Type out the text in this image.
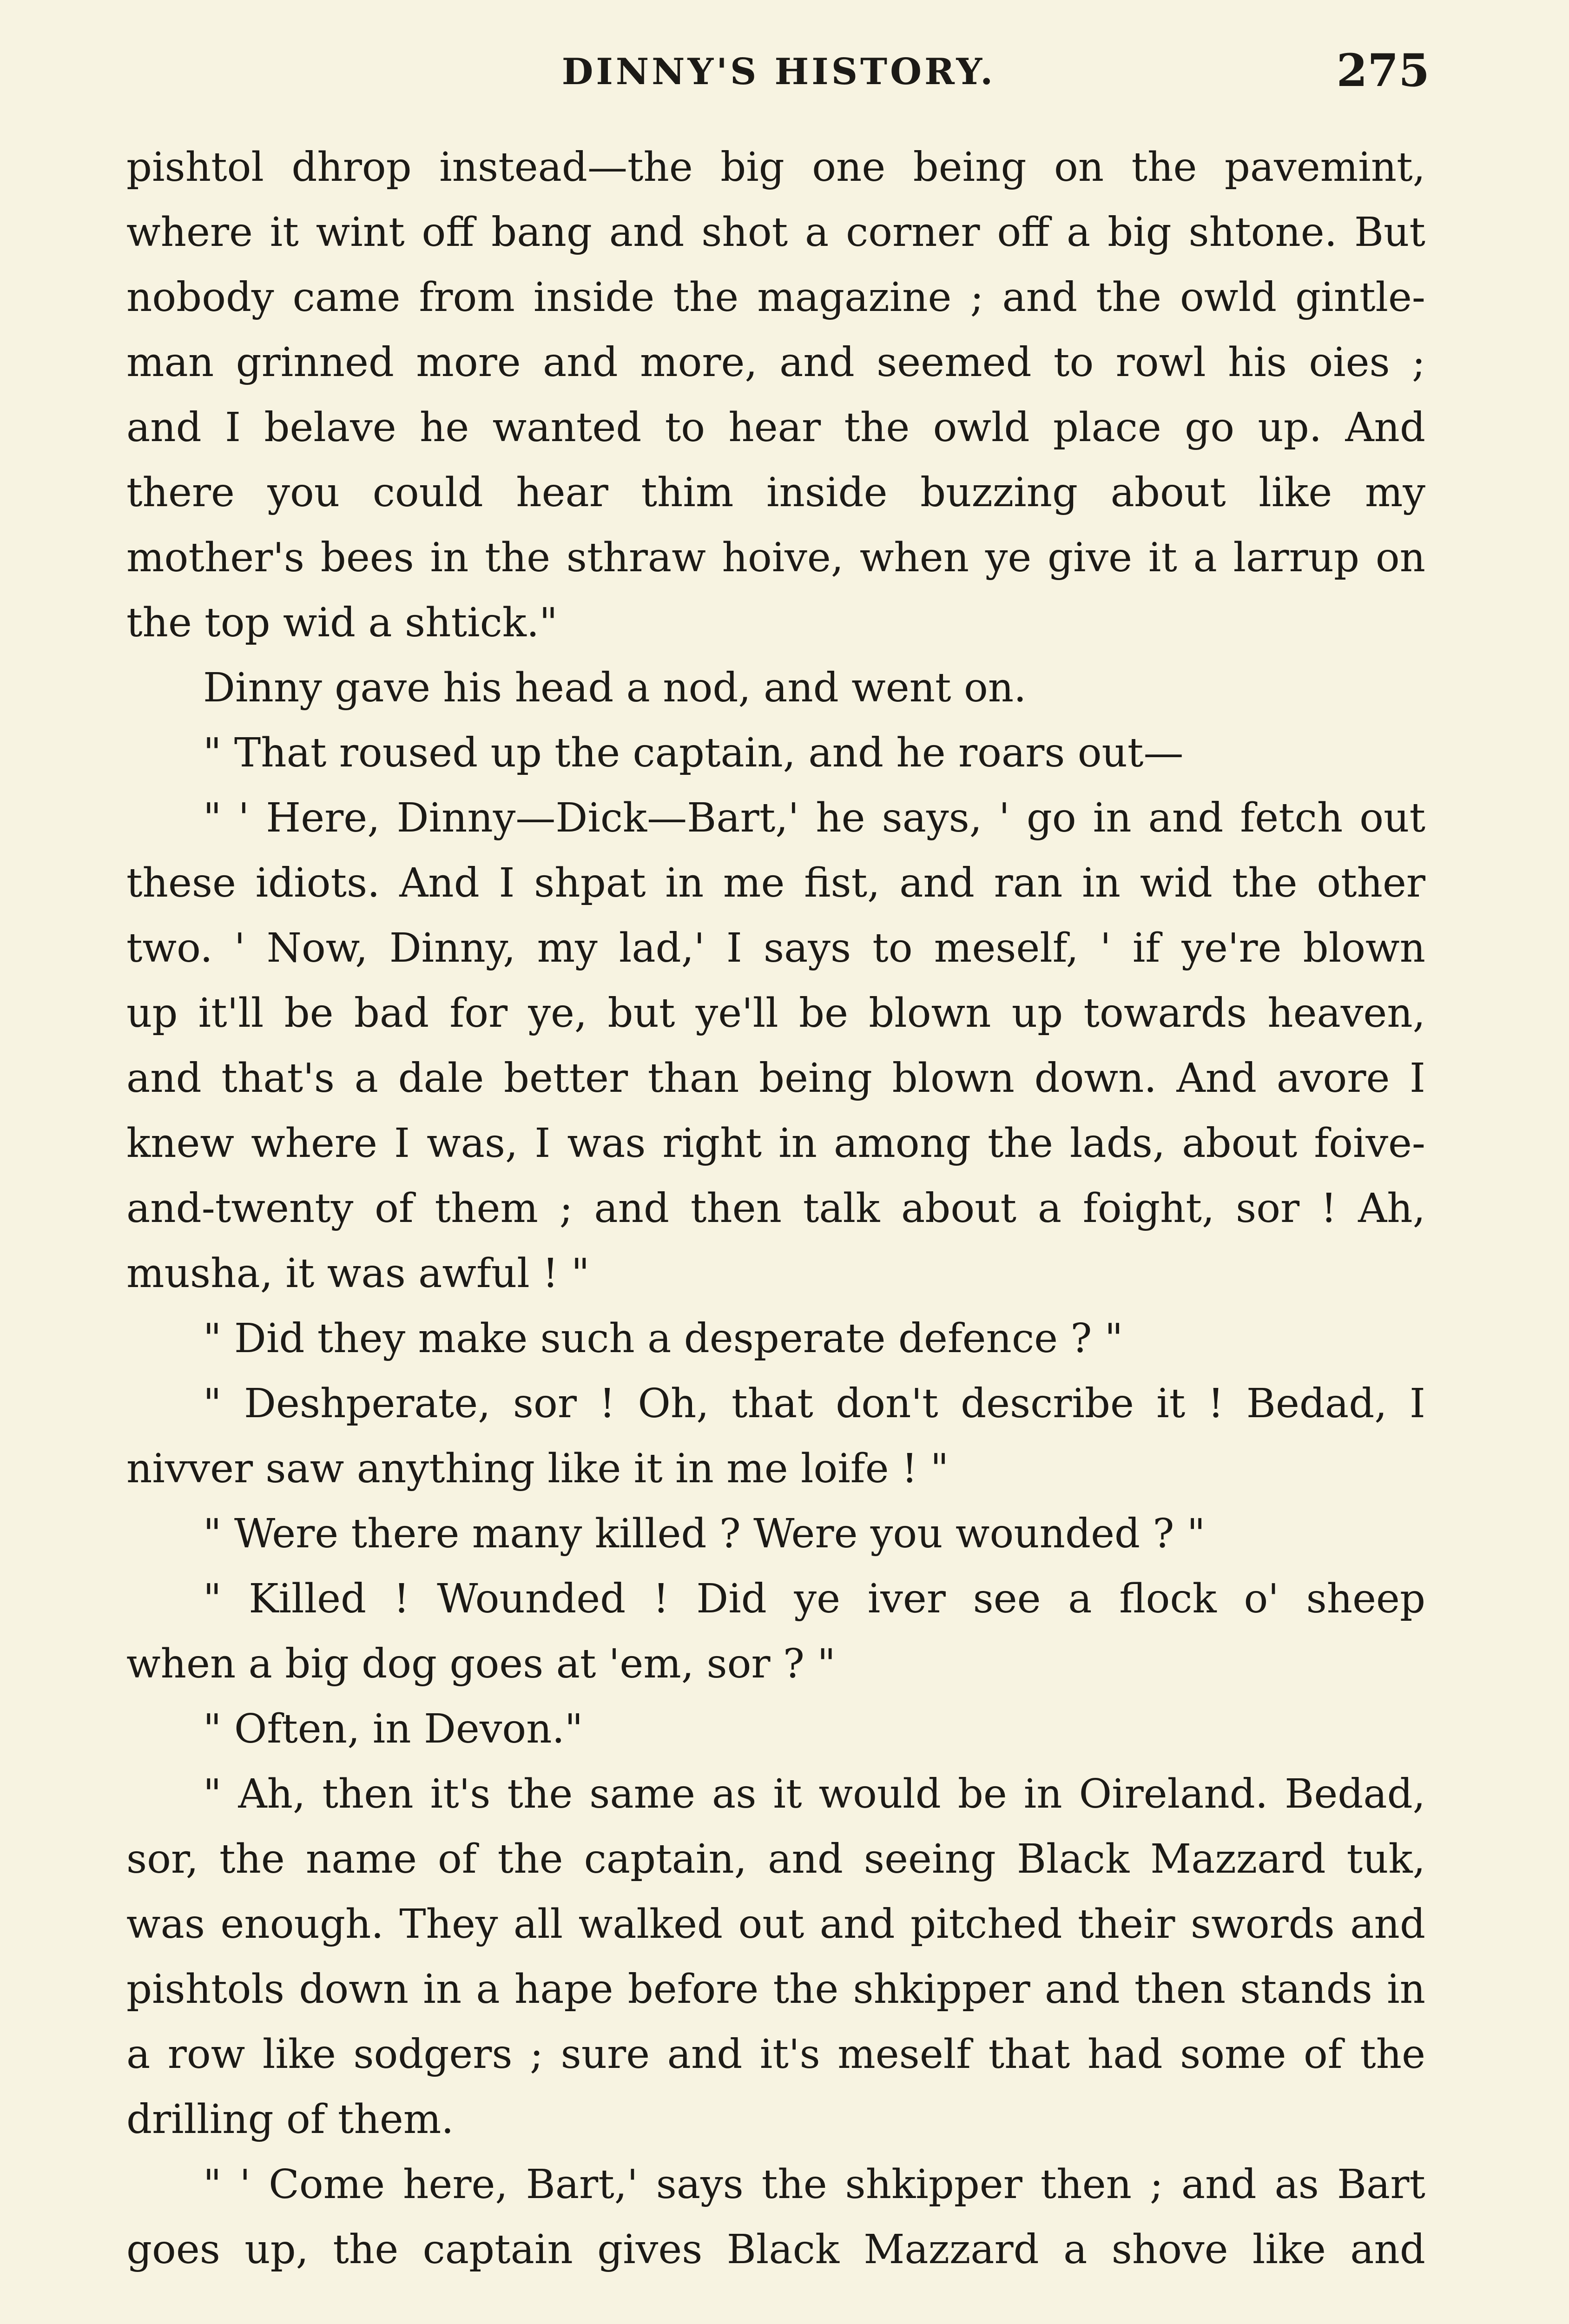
DINNY'S HISTORY.	275
pishtol dhrop instead—the big one being on the pavemint,
where it wint off bang and shot a corner off a big shtone. But
nobody came from inside the magazine ; and the owld gintle-
man grinned more and more, and seemed to rowl his oies ;
and I belave he wanted to hear the owld place go up. And
there you could hear thim inside buzzing about like my
mother's bees in the sthraw hoive, when ye give it a larrup on
the top wid a shtick."
Dinny gave his head a nod, and went on.
" That roused up the captain, and he roars out—
" ' Here, Dinny—Dick—Bart,' he says, ' go in and fetch out
these idiots. And I shpat in me fist, and ran in wid the other
two. ' Now, Dinny, my lad,' I says to meself, ' if ye're blown
up it'll be bad for ye, but ye'll be blown up towards heaven,
and that's a dale better than being blown down. And avore I
knew where I was, I was right in among the lads, about foive-
and-twenty of them ; and then talk about a foight, sor ! Ah,
musha, it was awful ! "
" Did they make such a desperate defence ? "
" Deshperate, sor ! Oh, that don't describe it ! Bedad, I
nivver saw anything like it in me loife ! "
" Were there many killed ? Were you wounded ? "
" Killed ! Wounded ! Did ye iver see a flock o' sheep
when a big dog goes at 'em, sor ? "
" Often, in Devon."
" Ah, then it's the same as it would be in Oireland. Bedad,
sor, the name of the captain, and seeing Black Mazzard tuk,
was enough. They all walked out and pitched their swords and
pishtols down in a hape before the shkipper and then stands in
a row like sodgers ; sure and it's meself that had some of the
drilling of them.
" ' Come here, Bart,' says the shkipper then ; and as Bart
goes up, the captain gives Black Mazzard a shove like and
